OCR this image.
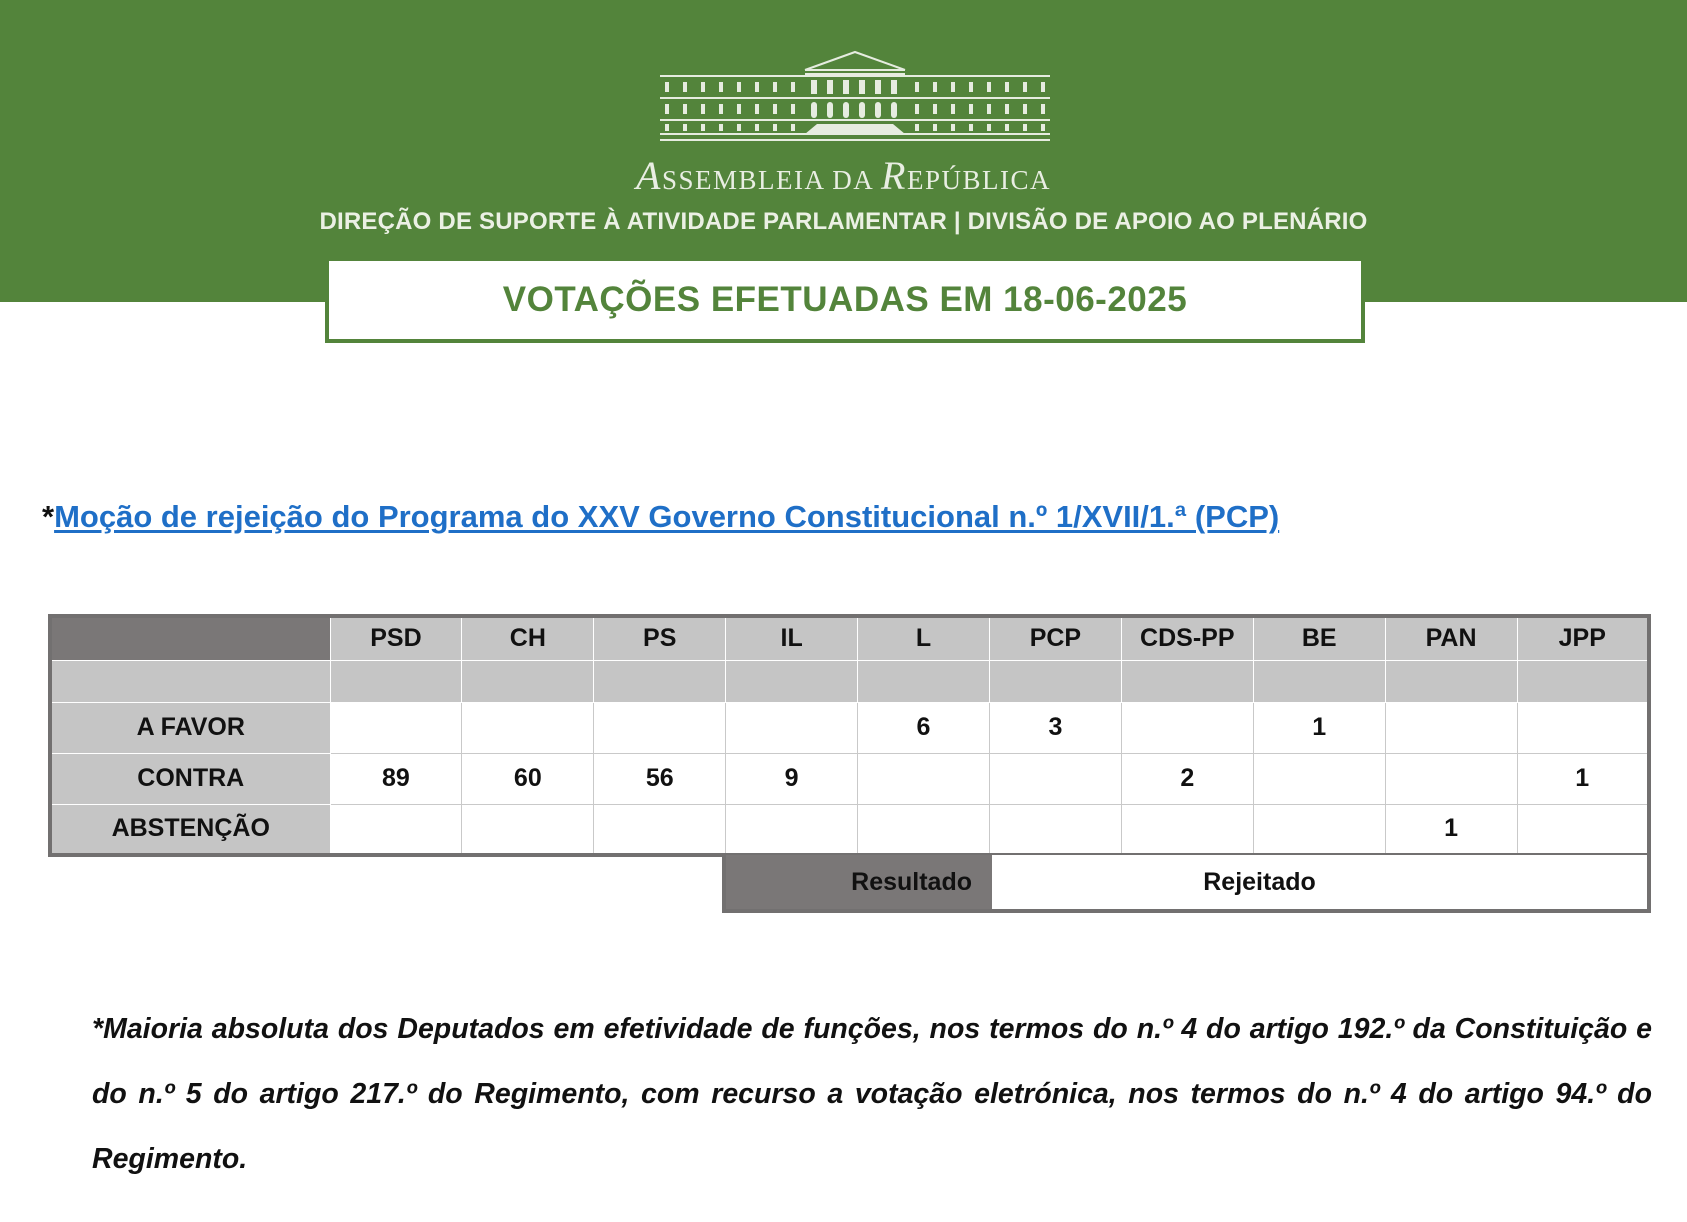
ASSEMBLEIA DA REPÚBLICA
DIREÇÃO DE SUPORTE À ATIVIDADE PARLAMENTAR | DIVISÃO DE APOIO AO PLENÁRIO
VOTAÇÕES EFETUADAS EM 18-06-2025
*Moção de rejeição do Programa do XXV Governo Constitucional n.º 1/XVII/1.ª (PCP)
	PSD	CH	PS	IL	L	PCP	CDS-PP	BE	PAN	JPP

A FAVOR					6	3		1		
CONTRA	89	60	56	9			2			1
ABSTENÇÃO									1	
Resultado	Rejeitado

*Maioria absoluta dos Deputados em efetividade de funções, nos termos do n.º 4 do artigo 192.º da Constituição e do n.º 5 do artigo 217.º do Regimento, com recurso a votação eletrónica, nos termos do n.º 4 do artigo 94.º do Regimento.
